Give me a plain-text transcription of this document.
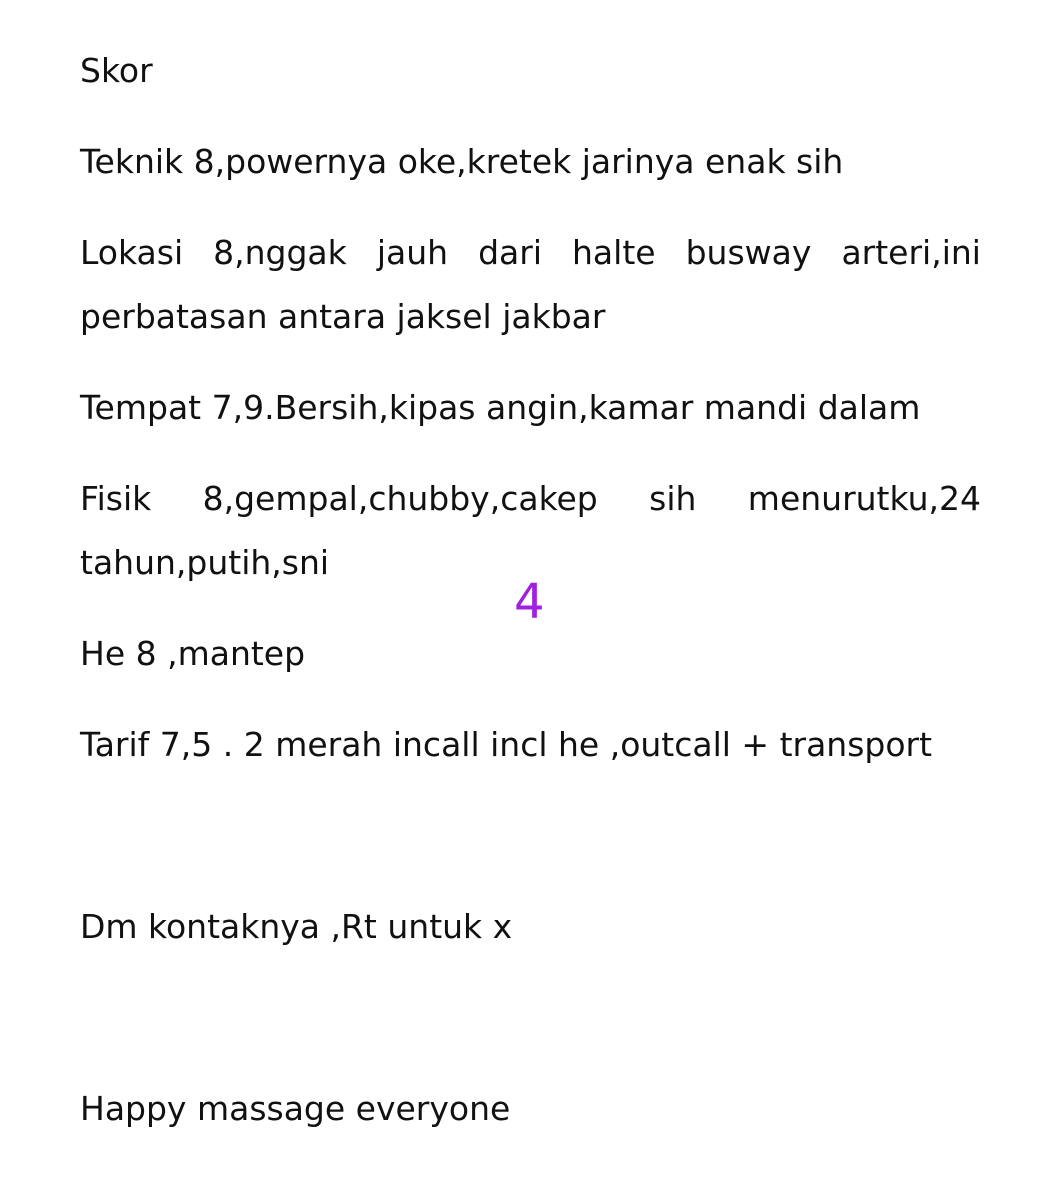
Skor

Teknik 8,powernya oke,kretek jarinya enak sih

Lokasi 8,nggak jauh dari halte busway arteri,ini
perbatasan antara jaksel jakbar

Tempat 7,9.Bersih,kipas angin,kamar mandi dalam

Fisik 8,gempal,chubby,cakep sih menurutku,24
tahun,putih,sni

He 8 ,mantep

Tarif 7,5 . 2 merah incall incl he ,outcall + transport

Dm kontaknya ,Rt untuk x

Happy massage everyone

4
